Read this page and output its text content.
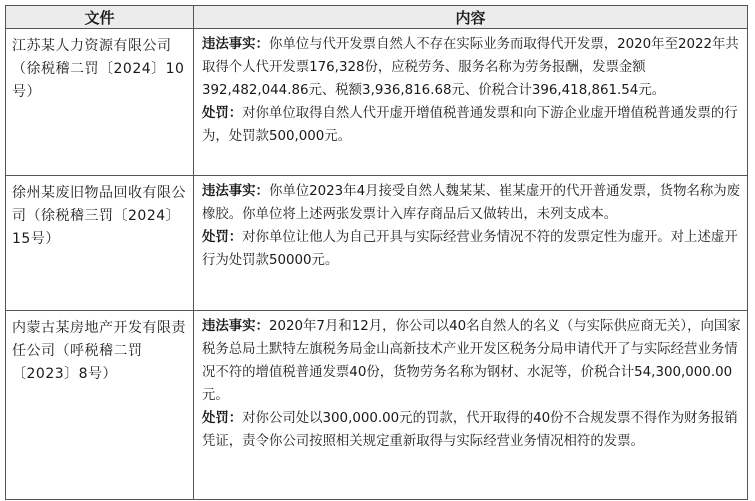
文件	内容
江苏某人力资源有限公司（徐税稽二罚〔2024〕10号）	违法事实：你单位与代开发票自然人不存在实际业务而取得代开发票，2020年至2022年共取得个人代开发票176,328份，应税劳务、服务名称为劳务报酬，发票金额392,482,044.86元、税额3,936,816.68元、价税合计396,418,861.54元。

处罚：对你单位取得自然人代开虚开增值税普通发票和向下游企业虚开增值税普通发票的行为，处罚款500,000元。

徐州某废旧物品回收有限公司（徐税稽三罚〔2024〕15号）	违法事实：你单位2023年4月接受自然人魏某某、崔某虚开的代开普通发票，货物名称为废橡胶。你单位将上述两张发票计入库存商品后又做转出，未列支成本。

处罚：对你单位让他人为自己开具与实际经营业务情况不符的发票定性为虚开。对上述虚开行为处罚款50000元。

内蒙古某房地产开发有限责任公司（呼税稽二罚〔2023〕8号）	违法事实：2020年7月和12月，你公司以40名自然人的名义（与实际供应商无关），向国家税务总局土默特左旗税务局金山高新技术产业开发区税务分局申请代开了与实际经营业务情况不符的增值税普通发票40份，货物劳务名称为钢材、水泥等，价税合计54,300,000.00元。

处罚：对你公司处以300,000.00元的罚款，代开取得的40份不合规发票不得作为财务报销凭证，责令你公司按照相关规定重新取得与实际经营业务情况相符的发票。
